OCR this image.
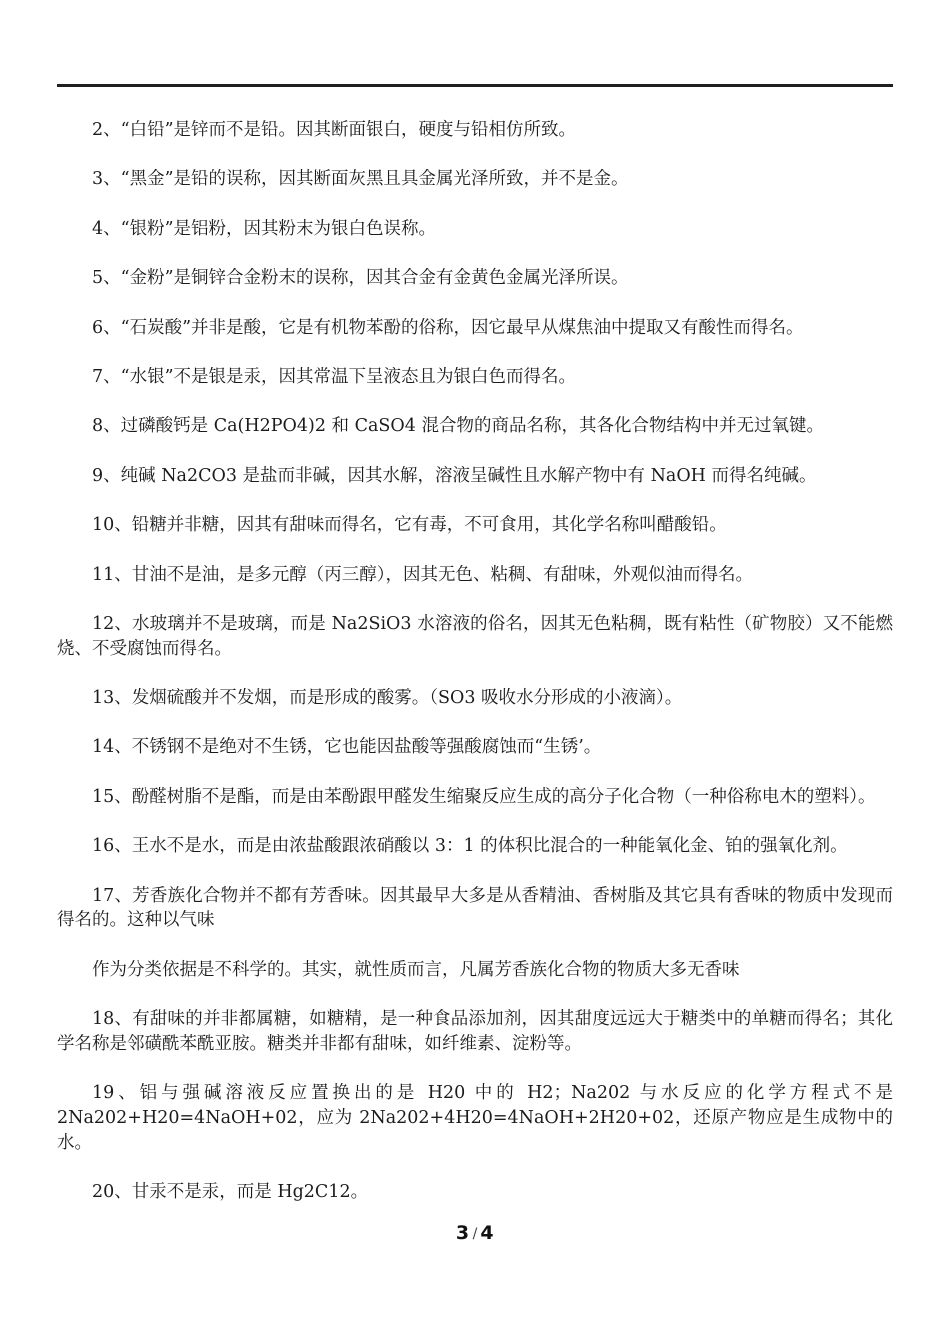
2、“白铅”是锌而不是铅。因其断面银白，硬度与铅相仿所致。

3、“黑金”是铅的误称，因其断面灰黑且具金属光泽所致，并不是金。

4、“银粉”是铝粉，因其粉末为银白色误称。

5、“金粉”是铜锌合金粉末的误称，因其合金有金黄色金属光泽所误。

6、“石炭酸”并非是酸，它是有机物苯酚的俗称，因它最早从煤焦油中提取又有酸性而得名。

7、“水银”不是银是汞，因其常温下呈液态且为银白色而得名。

8、过磷酸钙是 Ca(H2PO4)2 和 CaSO4 混合物的商品名称，其各化合物结构中并无过氧键。

9、纯碱 Na2CO3 是盐而非碱，因其水解，溶液呈碱性且水解产物中有 NaOH 而得名纯碱。

10、铅糖并非糖，因其有甜味而得名，它有毒，不可食用，其化学名称叫醋酸铅。

11、甘油不是油，是多元醇（丙三醇），因其无色、粘稠、有甜味，外观似油而得名。

12、水玻璃并不是玻璃，而是 Na2SiO3 水溶液的俗名，因其无色粘稠，既有粘性（矿物胶）又不能燃烧、不受腐蚀而得名。

13、发烟硫酸并不发烟，而是形成的酸雾。（SO3 吸收水分形成的小液滴）。

14、不锈钢不是绝对不生锈，它也能因盐酸等强酸腐蚀而“生锈’。

15、酚醛树脂不是酯，而是由苯酚跟甲醛发生缩聚反应生成的高分子化合物（一种俗称电木的塑料）。

16、王水不是水，而是由浓盐酸跟浓硝酸以 3：1 的体积比混合的一种能氧化金、铂的强氧化剂。

17、芳香族化合物并不都有芳香味。因其最早大多是从香精油、香树脂及其它具有香味的物质中发现而得名的。这种以气味

作为分类依据是不科学的。其实，就性质而言，凡属芳香族化合物的物质大多无香味

18、有甜味的并非都属糖，如糖精，是一种食品添加剂，因其甜度远远大于糖类中的单糖而得名；其化学名称是邻磺酰苯酰亚胺。糖类并非都有甜味，如纤维素、淀粉等。

19、铝与强碱溶液反应置换出的是 H20 中的 H2；Na202 与水反应的化学方程式不是 2Na202+H20=4NaOH+02，应为 2Na202+4H20=4NaOH+2H20+02，还原产物应是生成物中的水。

20、甘汞不是汞，而是 Hg2C12。

3 / 4
